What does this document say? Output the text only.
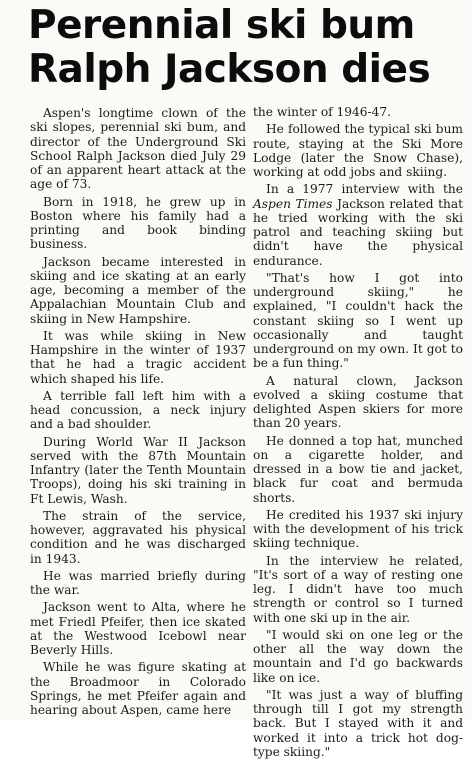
Perennial ski bum
Ralph Jackson dies

Aspen's longtime clown of the ski slopes, perennial ski bum, and director of the Underground Ski School Ralph Jackson died July 29 of an apparent heart attack at the age of 73.

Born in 1918, he grew up in Boston where his family had a printing and book binding business.

Jackson became interested in skiing and ice skating at an early age, becoming a member of the Appalachian Mountain Club and skiing in New Hampshire.

It was while skiing in New Hampshire in the winter of 1937 that he had a tragic accident which shaped his life.

A terrible fall left him with a head concussion, a neck injury and a bad shoulder.

During World War II Jackson served with the 87th Mountain Infantry (later the Tenth Mountain Troops), doing his ski training in Ft Lewis, Wash.

The strain of the service, however, aggravated his physical condition and he was discharged in 1943.

He was married briefly during the war.

Jackson went to Alta, where he met Friedl Pfeifer, then ice skated at the Westwood Icebowl near Beverly Hills.

While he was figure skating at the Broadmoor in Colorado Springs, he met Pfeifer again and hearing about Aspen, came here

the winter of 1946-47.

He followed the typical ski bum route, staying at the Ski More Lodge (later the Snow Chase), working at odd jobs and skiing.

In a 1977 interview with the Aspen Times Jackson related that he tried working with the ski patrol and teaching skiing but didn't have the physical endurance.

"That's how I got into underground skiing," he explained, "I couldn't hack the constant skiing so I went up occasionally and taught underground on my own. It got to be a fun thing."

A natural clown, Jackson evolved a skiing costume that delighted Aspen skiers for more than 20 years.

He donned a top hat, munched on a cigarette holder, and dressed in a bow tie and jacket, black fur coat and bermuda shorts.

He credited his 1937 ski injury with the development of his trick skiing technique.

In the interview he related, "It's sort of a way of resting one leg. I didn't have too much strength or control so I turned with one ski up in the air.

"I would ski on one leg or the other all the way down the mountain and I'd go backwards like on ice.

"It was just a way of bluffing through till I got my strength back. But I stayed with it and worked it into a trick hot dog-type skiing."
